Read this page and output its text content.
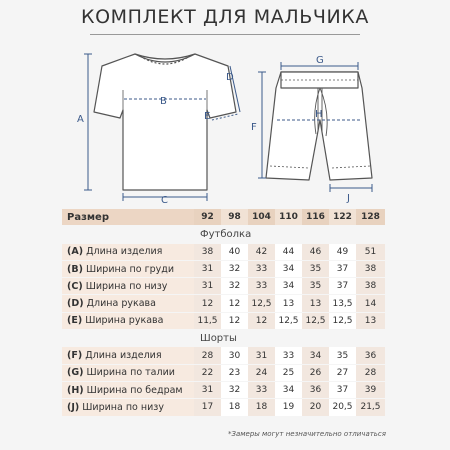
КОМПЛЕКТ ДЛЯ МАЛЬЧИКА
A
B
C
D
E
G
H
F
J
Размер	92	98	104	110	116	122	128
	Футболка						
(A) Длина изделия	38	40	42	44	46	49	51
(B) Ширина по груди	31	32	33	34	35	37	38
(C) Ширина по низу	31	32	33	34	35	37	38
(D) Длина рукава	12	12	12,5	13	13	13,5	14
(E) Ширина рукава	11,5	12	12	12,5	12,5	12,5	13
	Шорты						
(F) Длина изделия	28	30	31	33	34	35	36
(G) Ширина по талии	22	23	24	25	26	27	28
(H) Ширина по бедрам	31	32	33	34	36	37	39
(J) Ширина по низу	17	18	18	19	20	20,5	21,5
*Замеры могут незначительно отличаться
